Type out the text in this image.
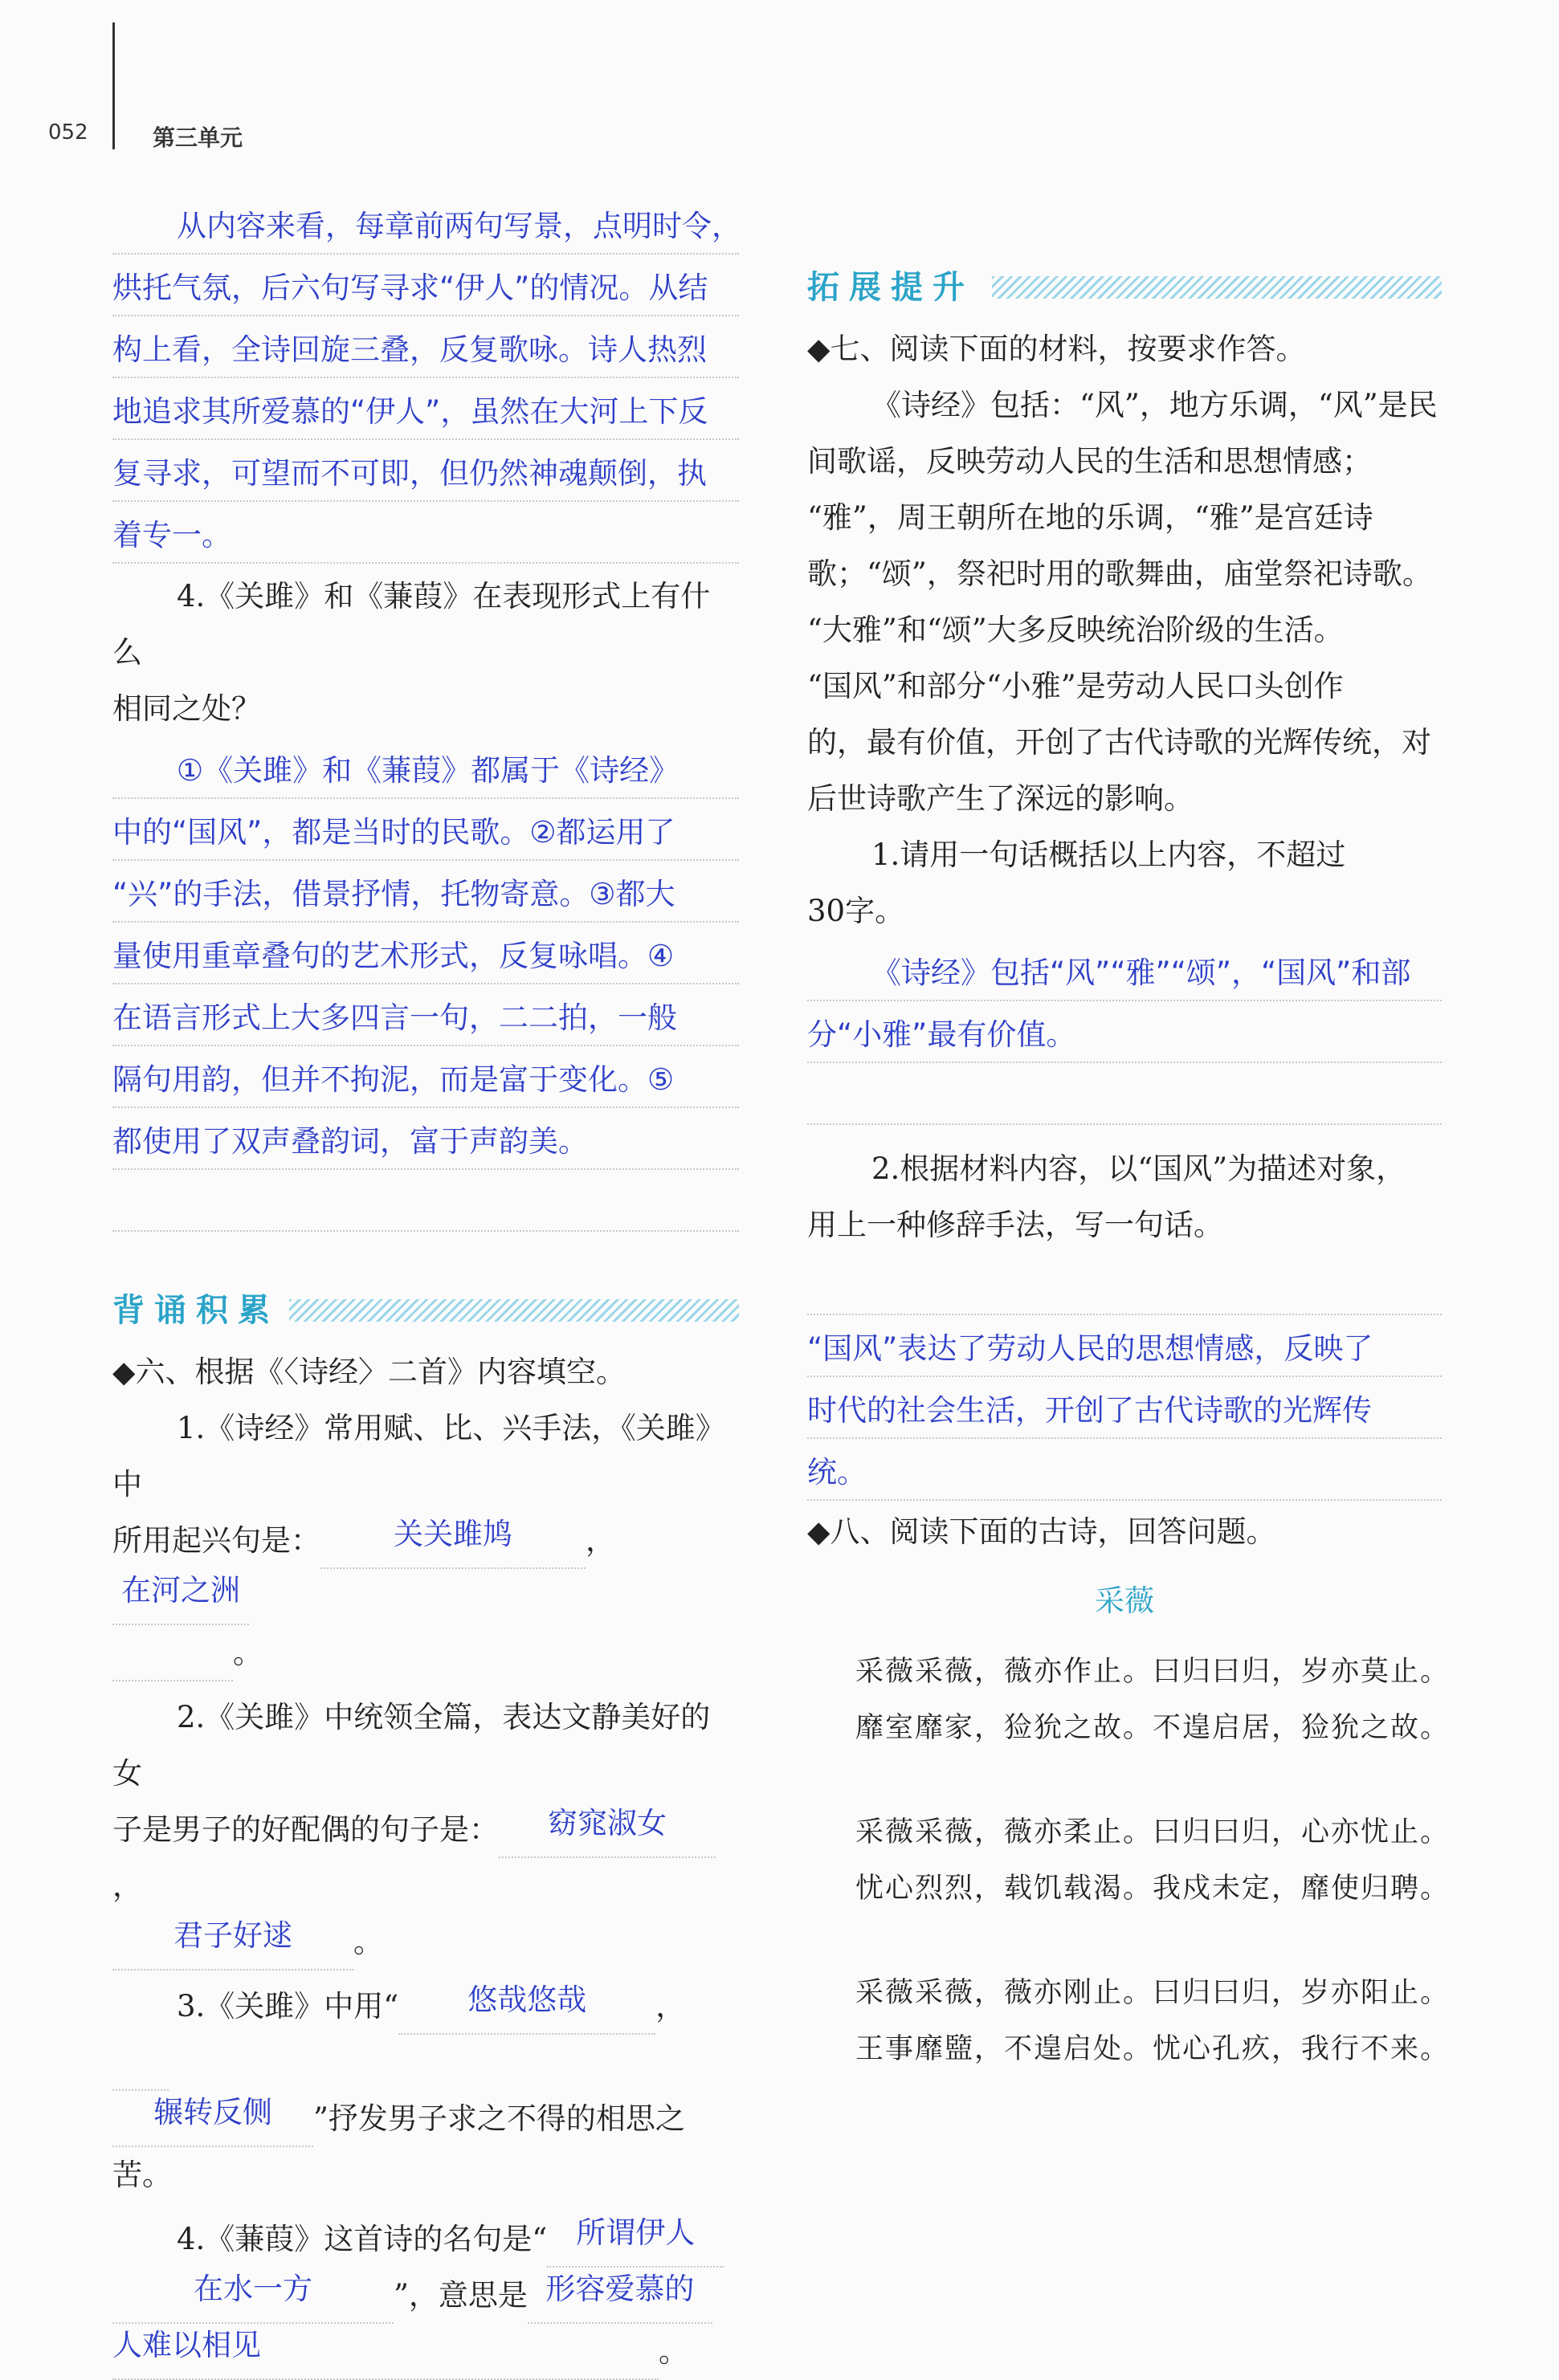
052	第三单元
从内容来看，每章前两句写景，点明时令，
烘托气氛，后六句写寻求“伊人”的情况。从结
构上看，全诗回旋三叠，反复歌咏。诗人热烈
地追求其所爱慕的“伊人”，虽然在大河上下反
复寻求，可望而不可即，但仍然神魂颠倒，执
着专一。
4.《关雎》和《蒹葭》在表现形式上有什么
相同之处？
①《关雎》和《蒹葭》都属于《诗经》
中的“国风”，都是当时的民歌。②都运用了
“兴”的手法，借景抒情，托物寄意。③都大
量使用重章叠句的艺术形式，反复咏唱。④
在语言形式上大多四言一句，二二拍，一般
隔句用韵，但并不拘泥，而是富于变化。⑤
都使用了双声叠韵词，富于声韵美。
背诵积累
◆六、根据《〈诗经〉二首》内容填空。
1.《诗经》常用赋、比、兴手法，《关雎》中
所用起兴句是：	关关雎鸠	，
在河之洲
。
2.《关雎》中统领全篇，表达文静美好的女
子是男子的好配偶的句子是：	窈窕淑女
，
君子好逑	。
3.《关雎》中用“	悠哉悠哉	，
辗转反侧	”抒发男子求之不得的相思之
苦。
4.《蒹葭》这首诗的名句是“ 所谓伊人
在水一方	”，意思是 形容爱慕的
人难以相见	。
拓展提升
◆七、阅读下面的材料，按要求作答。
《诗经》包括：“风”，地方乐调，“风”是民
间歌谣，反映劳动人民的生活和思想情感；
“雅”，周王朝所在地的乐调，“雅”是宫廷诗
歌；“颂”，祭祀时用的歌舞曲，庙堂祭祀诗歌。
“大雅”和“颂”大多反映统治阶级的生活。
“国风”和部分“小雅”是劳动人民口头创作
的，最有价值，开创了古代诗歌的光辉传统，对
后世诗歌产生了深远的影响。
1.请用一句话概括以上内容，不超过
30字。
《诗经》包括“风”“雅”“颂”，“国风”和部
分“小雅”最有价值。
2.根据材料内容，以“国风”为描述对象，
用上一种修辞手法，写一句话。
“国风”表达了劳动人民的思想情感，反映了
时代的社会生活，开创了古代诗歌的光辉传
统。
◆八、阅读下面的古诗，回答问题。
采薇
采薇采薇，薇亦作止。曰归曰归，岁亦莫止。
靡室靡家，猃狁之故。不遑启居，猃狁之故。
采薇采薇，薇亦柔止。曰归曰归，心亦忧止。
忧心烈烈，载饥载渴。我戍未定，靡使归聘。
采薇采薇，薇亦刚止。曰归曰归，岁亦阳止。
王事靡盬，不遑启处。忧心孔疚，我行不来。
